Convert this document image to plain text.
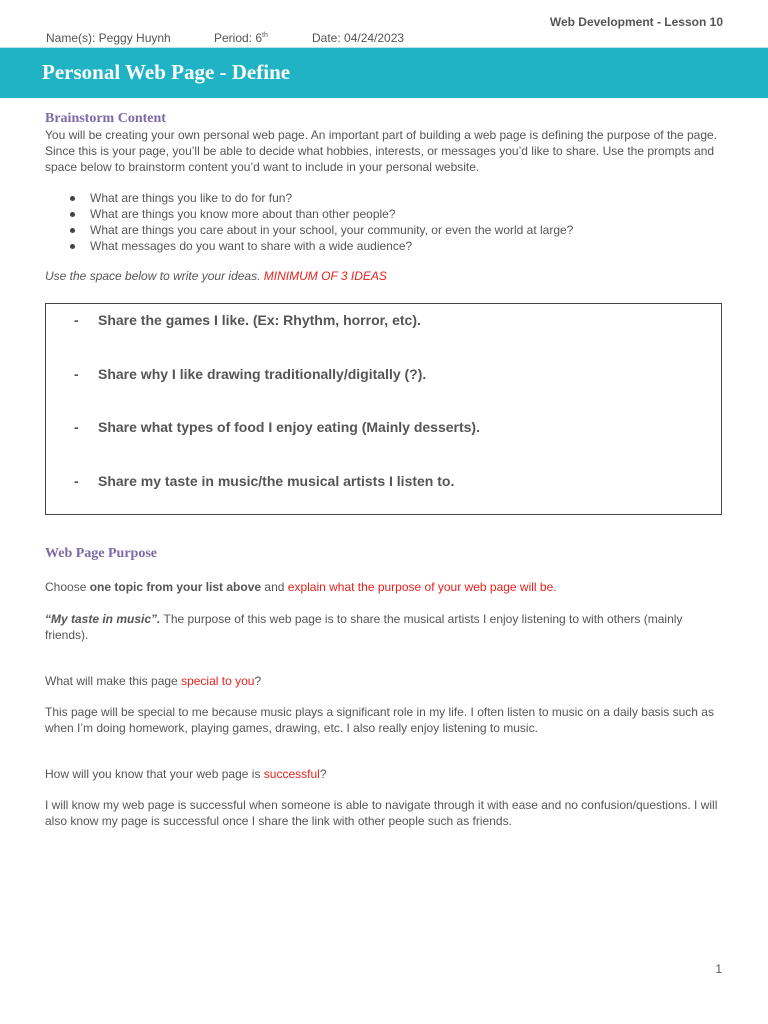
Web Development - Lesson 10
Name(s): Peggy Huynh	Period: 6th	Date: 04/24/2023
Personal Web Page - Define
Brainstorm Content
You will be creating your own personal web page. An important part of building a web page is defining the purpose of the page. Since this is your page, you’ll be able to decide what hobbies, interests, or messages you’d like to share. Use the prompts and space below to brainstorm content you’d want to include in your personal website.
What are things you like to do for fun?
What are things you know more about than other people?
What are things you care about in your school, your community, or even the world at large?
What messages do you want to share with a wide audience?
Use the space below to write your ideas. MINIMUM OF 3 IDEAS
- Share the games I like. (Ex: Rhythm, horror, etc).
- Share why I like drawing traditionally/digitally (?).
- Share what types of food I enjoy eating (Mainly desserts).
- Share my taste in music/the musical artists I listen to.
Web Page Purpose
Choose one topic from your list above and explain what the purpose of your web page will be.
“My taste in music”. The purpose of this web page is to share the musical artists I enjoy listening to with others (mainly friends).
What will make this page special to you?
This page will be special to me because music plays a significant role in my life. I often listen to music on a daily basis such as when I’m doing homework, playing games, drawing, etc. I also really enjoy listening to music.
How will you know that your web page is successful?
I will know my web page is successful when someone is able to navigate through it with ease and no confusion/questions. I will also know my page is successful once I share the link with other people such as friends.
1
